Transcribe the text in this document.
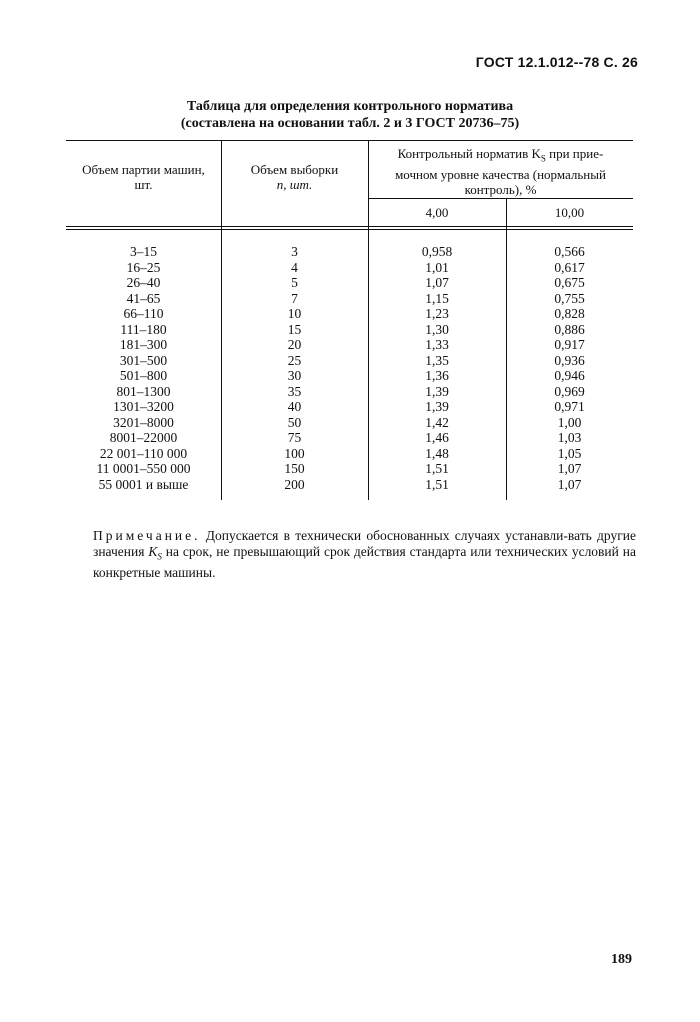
ГОСТ 12.1.012--78 С. 26
Таблица для определения контрольного норматива
(составлена на основании табл. 2 и 3 ГОСТ 20736–75)
Объем партии машин,
шт.
Объем выборки
n, шт.
Контрольный норматив $K_S$ при прие-
мочном уровне качества (нормальный
контроль), %
4,00	10,00
3–15
16–25
26–40
41–65
66–110
111–180
181–300
301–500
501–800
801–1300
1301–3200
3201–8000
8001–22000
22 001–110 000
11 0001–550 000
55 0001 и выше
3
4
5
7
10
15
20
25
30
35
40
50
75
100
150
200
0,958
1,01
1,07
1,15
1,23
1,30
1,33
1,35
1,36
1,39
1,39
1,42
1,46
1,48
1,51
1,51
0,566
0,617
0,675
0,755
0,828
0,886
0,917
0,936
0,946
0,969
0,971
1,00
1,03
1,05
1,07
1,07
Примечание. Допускается в технически обоснованных случаях устанавли-вать другие значения $K_S$ на срок, не превышающий срок действия стандарта или технических условий на конкретные машины.
189
